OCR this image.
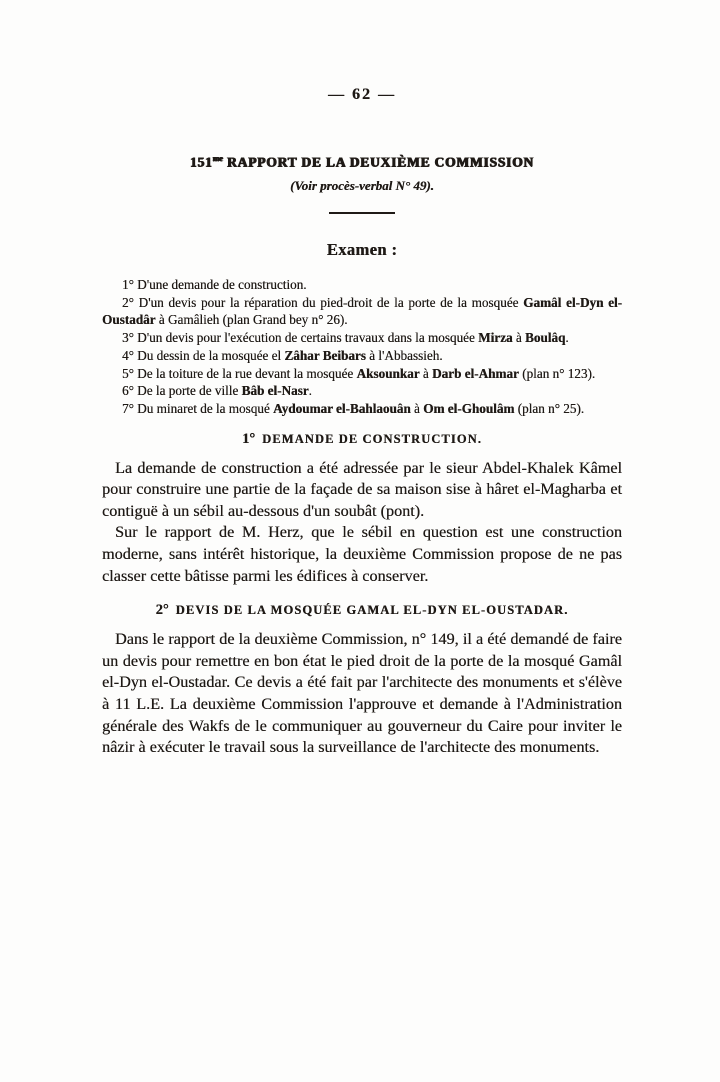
— 62 —
$151^{me}$ RAPPORT DE LA DEUXIÈME COMMISSION
(Voir procès-verbal N° 49).
Examen :
1° D'une demande de construction.
2° D'un devis pour la réparation du pied-droit de la porte de la mosquée Gamâl el-Dyn el-Oustadâr à Gamâlieh (plan Grand bey n° 26).
3° D'un devis pour l'exécution de certains travaux dans la mosquée Mirza à Boulâq.
4° Du dessin de la mosquée el Zâhar Beibars à l'Abbassieh.
5° De la toiture de la rue devant la mosquée Aksounkar à Darb el-Ahmar (plan n° 123).
6° De la porte de ville Bâb el-Nasr.
7° Du minaret de la mosqué Aydoumar el-Bahlaouân à Om el-Ghoulâm (plan n° 25).
1° DEMANDE DE CONSTRUCTION.

La demande de construction a été adressée par le sieur Abdel-Khalek Kâmel pour construire une partie de la façade de sa maison sise à hâret el-Magharba et contiguë à un sébil au-dessous d'un soubât (pont).

Sur le rapport de M. Herz, que le sébil en question est une construction moderne, sans intérêt historique, la deuxième Commission propose de ne pas classer cette bâtisse parmi les édifices à conserver.

2° DEVIS DE LA MOSQUÉE GAMAL EL-DYN EL-OUSTADAR.

Dans le rapport de la deuxième Commission, n° 149, il a été demandé de faire un devis pour remettre en bon état le pied droit de la porte de la mosqué Gamâl el-Dyn el-Oustadar. Ce devis a été fait par l'architecte des monuments et s'élève à 11 L.E. La deuxième Commission l'approuve et demande à l'Administration générale des Wakfs de le communiquer au gouverneur du Caire pour inviter le nâzir à exécuter le travail sous la surveillance de l'architecte des monuments.
